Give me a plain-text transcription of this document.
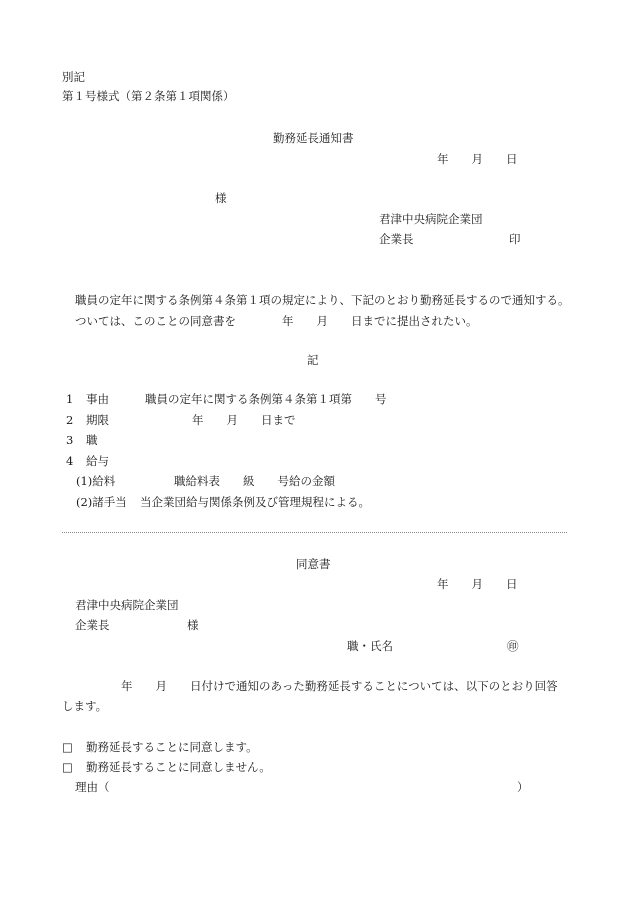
別記
第１号様式（第２条第１項関係）
勤務延長通知書
年　　月　　日
様
君津中央病院企業団
企業長	印
職員の定年に関する条例第４条第１項の規定により、下記のとおり勤務延長するので通知する。
ついては、このことの同意書を　　　　年　　月　　日までに提出されたい。
記
1 事由	職員の定年に関する条例第４条第１項第　　号
2 期限	年　　月　　日まで
3 職
4 給与
(1)給料	職給料表　　級　　号給の金額
(2)諸手当 当企業団給与関係条例及び管理規程による。
同意書
年　　月　　日
君津中央病院企業団
企業長	様
職・氏名	㊞
年　　月　　日付けで通知のあった勤務延長することについては、以下のとおり回答
します。
□ 勤務延長することに同意します。
□ 勤務延長することに同意しません。
理由（	）
